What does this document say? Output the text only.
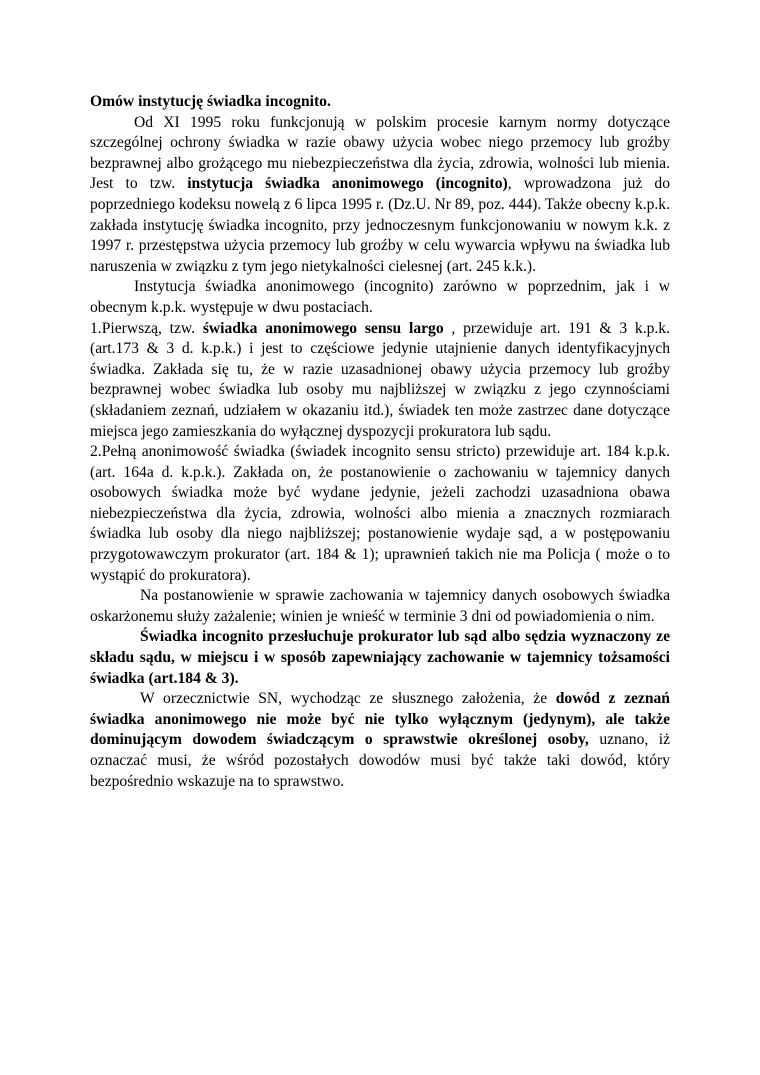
Omów instytucję świadka incognito.

Od XI 1995 roku funkcjonują w polskim procesie karnym normy dotyczące szczególnej ochrony świadka w razie obawy użycia wobec niego przemocy lub groźby bezprawnej albo grożącego mu niebezpieczeństwa dla życia, zdrowia, wolności lub mienia. Jest to tzw. instytucja świadka anonimowego (incognito), wprowadzona już do poprzedniego kodeksu nowelą z 6 lipca 1995 r. (Dz.U. Nr 89, poz. 444). Także obecny k.p.k. zakłada instytucję świadka incognito, przy jednoczesnym funkcjonowaniu w nowym k.k. z 1997 r. przestępstwa użycia przemocy lub groźby w celu wywarcia wpływu na świadka lub naruszenia w związku z tym jego nietykalności cielesnej (art. 245 k.k.).

Instytucja świadka anonimowego (incognito) zarówno w poprzednim, jak i w obecnym k.p.k. występuje w dwu postaciach.

1.Pierwszą, tzw. świadka anonimowego sensu largo , przewiduje art. 191 & 3 k.p.k. (art.173 & 3 d. k.p.k.) i jest to częściowe jedynie utajnienie danych identyfikacyjnych świadka. Zakłada się tu, że w razie uzasadnionej obawy użycia przemocy lub groźby bezprawnej wobec świadka lub osoby mu najbliższej w związku z jego czynnościami (składaniem zeznań, udziałem w okazaniu itd.), świadek ten może zastrzec dane dotyczące miejsca jego zamieszkania do wyłącznej dyspozycji prokuratora lub sądu.

2.Pełną anonimowość świadka (świadek incognito sensu stricto) przewiduje art. 184 k.p.k. (art. 164a d. k.p.k.). Zakłada on, że postanowienie o zachowaniu w tajemnicy danych osobowych świadka może być wydane jedynie, jeżeli zachodzi uzasadniona obawa niebezpieczeństwa dla życia, zdrowia, wolności albo mienia a znacznych rozmiarach świadka lub osoby dla niego najbliższej; postanowienie wydaje sąd, a w postępowaniu przygotowawczym prokurator (art. 184 & 1); uprawnień takich nie ma Policja ( może o to wystąpić do prokuratora).

Na postanowienie w sprawie zachowania w tajemnicy danych osobowych świadka oskarżonemu służy zażalenie; winien je wnieść w terminie 3 dni od powiadomienia o nim.

Świadka incognito przesłuchuje prokurator lub sąd albo sędzia wyznaczony ze składu sądu, w miejscu i w sposób zapewniający zachowanie w tajemnicy tożsamości świadka (art.184 & 3).

W orzecznictwie SN, wychodząc ze słusznego założenia, że dowód z zeznań świadka anonimowego nie może być nie tylko wyłącznym (jedynym), ale także dominującym dowodem świadczącym o sprawstwie określonej osoby, uznano, iż oznaczać musi, że wśród pozostałych dowodów musi być także taki dowód, który bezpośrednio wskazuje na to sprawstwo.
